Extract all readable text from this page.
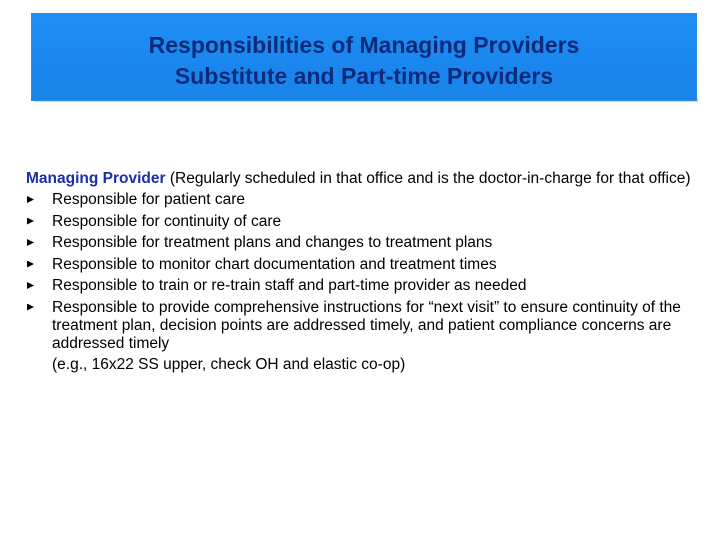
Responsibilities of Managing Providers
Substitute and Part-time Providers

Managing Provider (Regularly scheduled in that office and is the doctor-in-charge for that office)

Responsible for patient care
Responsible for continuity of care
Responsible for treatment plans and changes to treatment plans
Responsible to monitor chart documentation and treatment times
Responsible to train or re-train staff and part-time provider as needed
Responsible to provide comprehensive instructions for “next visit” to ensure continuity of the treatment plan, decision points are addressed timely, and patient compliance concerns are addressed timely
(e.g., 16x22 SS upper, check OH and elastic co-op)
